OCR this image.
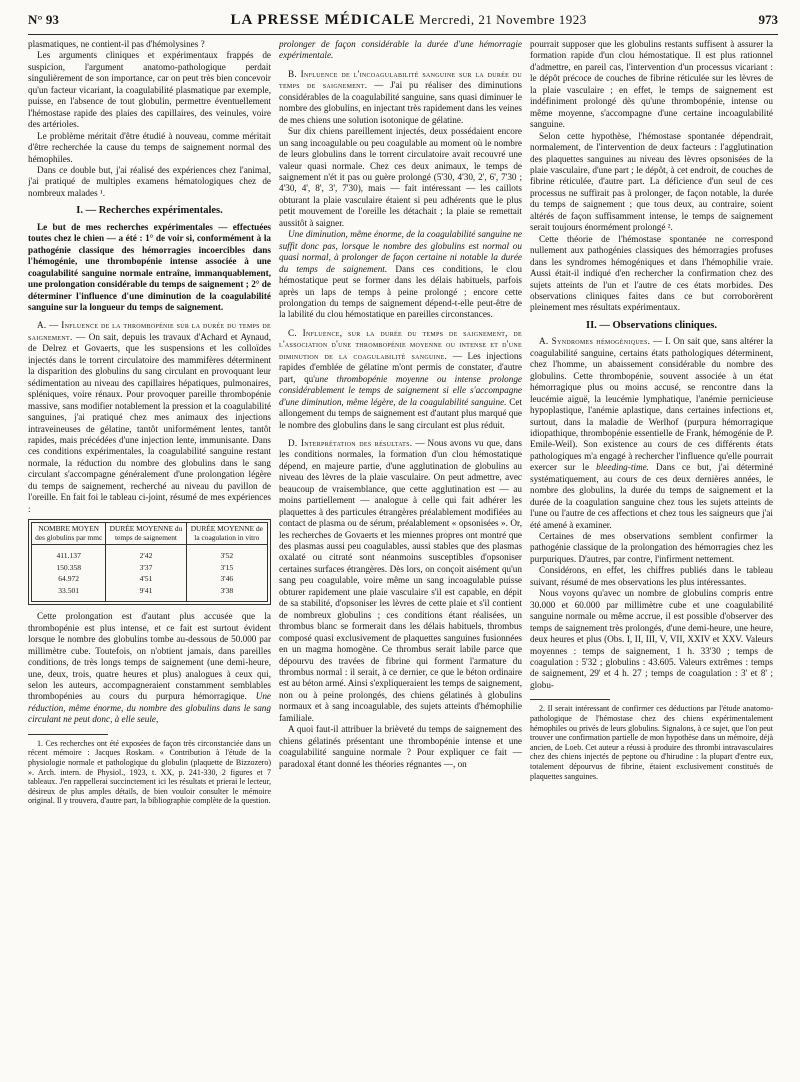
N° 93	LA PRESSE MÉDICALE Mercredi, 21 Novembre 1923	973

plasmatiques, ne contient-il pas d'hémolysines ?

Les arguments cliniques et expérimentaux frappés de suspicion, l'argument anatomo-pathologique perdait singulièrement de son importance, car on peut très bien concevoir qu'un facteur vicariant, la coagulabilité plasmatique par exemple, puisse, en l'absence de tout globulin, permettre éventuellement l'hémostase rapide des plaies des capillaires, des veinules, voire des artérioles.

Le problème méritait d'être étudié à nouveau, comme méritait d'être recherchée la cause du temps de saignement normal des hémophiles.

Dans ce double but, j'ai réalisé des expériences chez l'animal, j'ai pratiqué de multiples examens hématologiques chez de nombreux malades ¹.

I. — Recherches expérimentales.

Le but de mes recherches expérimentales — effectuées toutes chez le chien — a été : 1° de voir si, conformément à la pathogénie classique des hémorragies incoercibles dans l'hémogénie, une thrombopénie intense associée à une coagulabilité sanguine normale entraîne, immanquablement, une prolongation considérable du temps de saignement ; 2° de déterminer l'influence d'une diminution de la coagulabilité sanguine sur la longueur du temps de saignement.

A. — Influence de la thrombopénie sur la durée du temps de saignement. — On sait, depuis les travaux d'Achard et Aynaud, de Delrez et Govaerts, que les suspensions et les colloïdes injectés dans le torrent circulatoire des mammifères déterminent la disparition des globulins du sang circulant en provoquant leur sédimentation au niveau des capillaires hépatiques, pulmonaires, spléniques, voire rénaux. Pour provoquer pareille thrombopénie massive, sans modifier notablement la pression et la coagulabilité sanguines, j'ai pratiqué chez mes animaux des injections intraveineuses de gélatine, tantôt uniformément lentes, tantôt rapides, mais précédées d'une injection lente, immunisante. Dans ces conditions expérimentales, la coagulabilité sanguine restant normale, la réduction du nombre des globulins dans le sang circulant s'accompagne généralement d'une prolongation légère du temps de saignement, recherché au niveau du pavillon de l'oreille. En fait foi le tableau ci-joint, résumé de mes expériences :

NOMBRE MOYEN des globulins par mmc	DURÉE MOYENNE du temps de saignement	DURÉE MOYENNE de la coagulation in vitro
411.137	2'42	3'52
150.358	3'37	3'15
64.972	4'51	3'46
33.501	9'41	3'38

Cette prolongation est d'autant plus accusée que la thrombopénie est plus intense, et ce fait est surtout évident lorsque le nombre des globulins tombe au-dessous de 50.000 par millimètre cube. Toutefois, on n'obtient jamais, dans pareilles conditions, de très longs temps de saignement (une demi-heure, une, deux, trois, quatre heures et plus) analogues à ceux qui, selon les auteurs, accompagneraient constamment semblables thrombopénies au cours du purpura hémorragique. Une réduction, même énorme, du nombre des globulins dans le sang circulant ne peut donc, à elle seule,

1. Ces recherches ont été exposées de façon très circonstanciée dans un récent mémoire : Jacques Roskam. « Contribution à l'étude de la physiologie normale et pathologique du globulin (plaquette de Bizzozero) ». Arch. intern. de Physiol., 1923, t. XX, p. 241-330, 2 figures et 7 tableaux. J'en rappellerai succinctement ici les résultats et prierai le lecteur, désireux de plus amples détails, de bien vouloir consulter le mémoire original. Il y trouvera, d'autre part, la bibliographie complète de la question.

prolonger de façon considérable la durée d'une hémorragie expérimentale.

B. Influence de l'incoagulabilité sanguine sur la durée du temps de saignement. — J'ai pu réaliser des diminutions considérables de la coagulabilité sanguine, sans quasi diminuer le nombre des globulins, en injectant très rapidement dans les veines de mes chiens une solution isotonique de gélatine.

Sur dix chiens pareillement injectés, deux possédaient encore un sang incoagulable ou peu coagulable au moment où le nombre de leurs globulins dans le torrent circulatoire avait recouvré une valeur quasi normale. Chez ces deux animaux, le temps de saignement n'ét it pas ou guère prolongé (5'30, 4'30, 2', 6', 7'30 ; 4'30, 4', 8', 3', 7'30), mais — fait intéressant — les caillots obturant la plaie vasculaire étaient si peu adhérents que le plus petit mouvement de l'oreille les détachait ; la plaie se remettait aussitôt à saigner.

Une diminution, même énorme, de la coagulabilité sanguine ne suffit donc pas, lorsque le nombre des globulins est normal ou quasi normal, à prolonger de façon certaine ni notable la durée du temps de saignement. Dans ces conditions, le clou hémostatique peut se former dans les délais habituels, parfois après un laps de temps à peine prolongé ; encore cette prolongation du temps de saignement dépend-t-elle peut-être de la labilité du clou hémostatique en pareilles circonstances.

C. Influence, sur la durée du temps de saignement, de l'association d'une thrombopénie moyenne ou intense et d'une diminution de la coagulabilité sanguine. — Les injections rapides d'emblée de gélatine m'ont permis de constater, d'autre part, qu'une thrombopénie moyenne ou intense prolonge considérablement le temps de saignement si elle s'accompagne d'une diminution, même légère, de la coagulabilité sanguine. Cet allongement du temps de saignement est d'autant plus marqué que le nombre des globulins dans le sang circulant est plus réduit.

D. Interprétation des résultats. — Nous avons vu que, dans les conditions normales, la formation d'un clou hémostatique dépend, en majeure partie, d'une agglutination de globulins au niveau des lèvres de la plaie vasculaire. On peut admettre, avec beaucoup de vraisemblance, que cette agglutination est — au moins partiellement — analogue à celle qui fait adhérer les plaquettes à des particules étrangères préalablement modifiées au contact de plasma ou de sérum, préalablement « opsonisées ». Or, les recherches de Govaerts et les miennes propres ont montré que des plasmas aussi peu coagulables, aussi stables que des plasmas oxalaté ou citraté sont néanmoins susceptibles d'opsoniser certaines surfaces étrangères. Dès lors, on conçoit aisément qu'un sang peu coagulable, voire même un sang incoagulable puisse obturer rapidement une plaie vasculaire s'il est capable, en dépit de sa stabilité, d'opsoniser les lèvres de cette plaie et s'il contient de nombreux globulins ; ces conditions étant réalisées, un thrombus blanc se formerait dans les délais habituels, thrombus composé quasi exclusivement de plaquettes sanguines fusionnées en un magma homogène. Ce thrombus serait labile parce que dépourvu des travées de fibrine qui forment l'armature du thrombus normal : il serait, à ce dernier, ce que le béton ordinaire est au béton armé. Ainsi s'expliqueraient les temps de saignement, non ou à peine prolongés, des chiens gélatinés à globulins normaux et à sang incoagulable, des sujets atteints d'hémophilie familiale.

A quoi faut-il attribuer la brièveté du temps de saignement des chiens gélatinés présentant une thrombopénie intense et une coagulabilité sanguine normale ? Pour expliquer ce fait — paradoxal étant donné les théories régnantes —, on

pourrait supposer que les globulins restants suffisent à assurer la formation rapide d'un clou hémostatique. Il est plus rationnel d'admettre, en pareil cas, l'intervention d'un processus vicariant : le dépôt précoce de couches de fibrine réticulée sur les lèvres de la plaie vasculaire ; en effet, le temps de saignement est indéfiniment prolongé dès qu'une thrombopénie, intense ou même moyenne, s'accompagne d'une certaine incoagulabilité sanguine.

Selon cette hypothèse, l'hémostase spontanée dépendrait, normalement, de l'intervention de deux facteurs : l'agglutination des plaquettes sanguines au niveau des lèvres opsonisées de la plaie vasculaire, d'une part ; le dépôt, à cet endroit, de couches de fibrine réticulée, d'autre part. La déficience d'un seul de ces processus ne suffirait pas à prolonger, de façon notable, la durée du temps de saignement ; que tous deux, au contraire, soient altérés de façon suffisamment intense, le temps de saignement serait toujours énormément prolongé ².

Cette théorie de l'hémostase spontanée ne correspond nullement aux pathogénies classiques des hémorragies profuses dans les syndromes hémogéniques et dans l'hémophilie vraie. Aussi était-il indiqué d'en rechercher la confirmation chez des sujets atteints de l'un et l'autre de ces états morbides. Des observations cliniques faites dans ce but corroborèrent pleinement mes résultats expérimentaux.

II. — Observations cliniques.

A. Syndromes hémogéniques. — I. On sait que, sans altérer la coagulabilité sanguine, certains états pathologiques déterminent, chez l'homme, un abaissement considérable du nombre des globulins. Cette thrombopénie, souvent associée à un état hémorragique plus ou moins accusé, se rencontre dans la leucémie aiguë, la leucémie lymphatique, l'anémie pernicieuse hypoplastique, l'anémie aplastique, dans certaines infections et, surtout, dans la maladie de Werlhof (purpura hémorragique idiopathique, thrombopénie essentielle de Frank, hémogénie de P. Emile-Weil). Son existence au cours de ces différents états pathologiques m'a engagé à rechercher l'influence qu'elle pourrait exercer sur le bleeding-time. Dans ce but, j'ai déterminé systématiquement, au cours de ces deux dernières années, le nombre des globulins, la durée du temps de saignement et la durée de la coagulation sanguine chez tous les sujets atteints de l'une ou l'autre de ces affections et chez tous les saigneurs que j'ai été amené à examiner.

Certaines de mes observations semblent confirmer la pathogénie classique de la prolongation des hémorragies chez les purpuriques. D'autres, par contre, l'infirment nettement.

Considérons, en effet, les chiffres publiés dans le tableau suivant, résumé de mes observations les plus intéressantes.

Nous voyons qu'avec un nombre de globulins compris entre 30.000 et 60.000 par millimètre cube et une coagulabilité sanguine normale ou même accrue, il est possible d'observer des temps de saignement très prolongés, d'une demi-heure, une heure, deux heures et plus (Obs. I, II, III, V, VII, XXIV et XXV. Valeurs moyennes : temps de saignement, 1 h. 33'30 ; temps de coagulation : 5'32 ; globulins : 43.605. Valeurs extrêmes : temps de saignement, 29' et 4 h. 27 ; temps de coagulation : 3' et 8' ; globu-

2. Il serait intéressant de confirmer ces déductions par l'étude anatomo-pathologique de l'hémostase chez des chiens expérimentalement hémophiles ou privés de leurs globulins. Signalons, à ce sujet, que l'on peut trouver une confirmation partielle de mon hypothèse dans un mémoire, déjà ancien, de Loeb. Cet auteur a réussi à produire des thrombi intravasculaires chez des chiens injectés de peptone ou d'hirudine : la plupart d'entre eux, totalement dépourvus de fibrine, étaient exclusivement constitués de plaquettes sanguines.
